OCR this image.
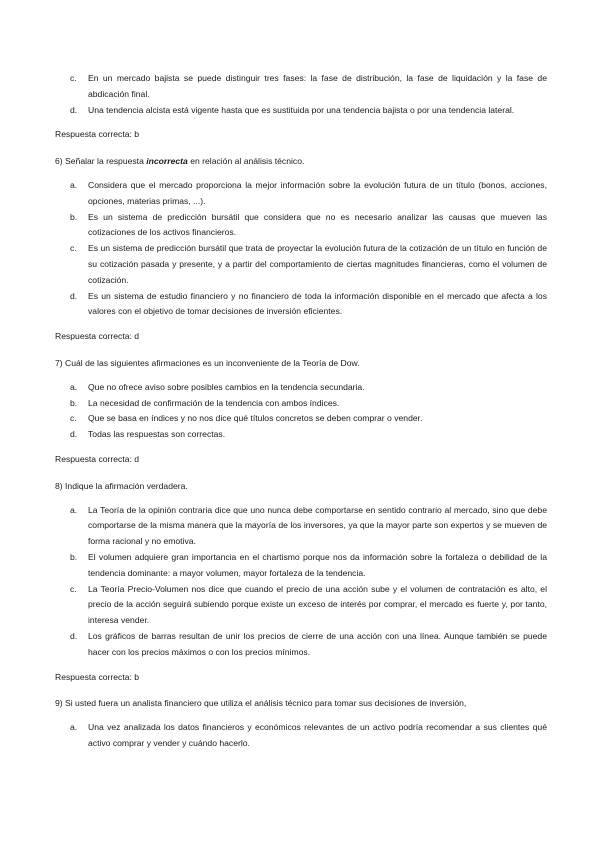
c.	En un mercado bajista se puede distinguir tres fases: la fase de distribución, la fase de liquidación y la fase de abdicación final.
d.	Una tendencia alcista está vigente hasta que es sustituida por una tendencia bajista o por una tendencia lateral.

Respuesta correcta: b

6) Señalar la respuesta incorrecta en relación al análisis técnico.

a.	Considera que el mercado proporciona la mejor información sobre la evolución futura de un título (bonos, acciones, opciones, materias primas, ...).
b.	Es un sistema de predicción bursátil que considera que no es necesario analizar las causas que mueven las cotizaciones de los activos financieros.
c.	Es un sistema de predicción bursátil que trata de proyectar la evolución futura de la cotización de un título en función de su cotización pasada y presente, y a partir del comportamiento de ciertas magnitudes financieras, como el volumen de cotización.
d.	Es un sistema de estudio financiero y no financiero de toda la información disponible en el mercado que afecta a los valores con el objetivo de tomar decisiones de inversión eficientes.

Respuesta correcta: d

7) Cuál de las siguientes afirmaciones es un inconveniente de la Teoría de Dow.

a.	Que no ofrece aviso sobre posibles cambios en la tendencia secundaria.
b.	La necesidad de confirmación de la tendencia con ambos índices.
c.	Que se basa en índices y no nos dice qué títulos concretos se deben comprar o vender.
d.	Todas las respuestas son correctas.

Respuesta correcta: d

8) Indique la afirmación verdadera.

a.	La Teoría de la opinión contraria dice que uno nunca debe comportarse en sentido contrario al mercado, sino que debe comportarse de la misma manera que la mayoría de los inversores, ya que la mayor parte son expertos y se mueven de forma racional y no emotiva.
b.	El volumen adquiere gran importancia en el chartismo porque nos da información sobre la fortaleza o debilidad de la tendencia dominante: a mayor volumen, mayor fortaleza de la tendencia.
c.	La Teoría Precio-Volumen nos dice que cuando el precio de una acción sube y el volumen de contratación es alto, el precio de la acción seguirá subiendo porque existe un exceso de interés por comprar, el mercado es fuerte y, por tanto, interesa vender.
d.	Los gráficos de barras resultan de unir los precios de cierre de una acción con una línea. Aunque también se puede hacer con los precios máximos o con los precios mínimos.

Respuesta correcta: b

9) Si usted fuera un analista financiero que utiliza el análisis técnico para tomar sus decisiones de inversión,

a.	Una vez analizada los datos financieros y económicos relevantes de un activo podría recomendar a sus clientes qué activo comprar y vender y cuándo hacerlo.
